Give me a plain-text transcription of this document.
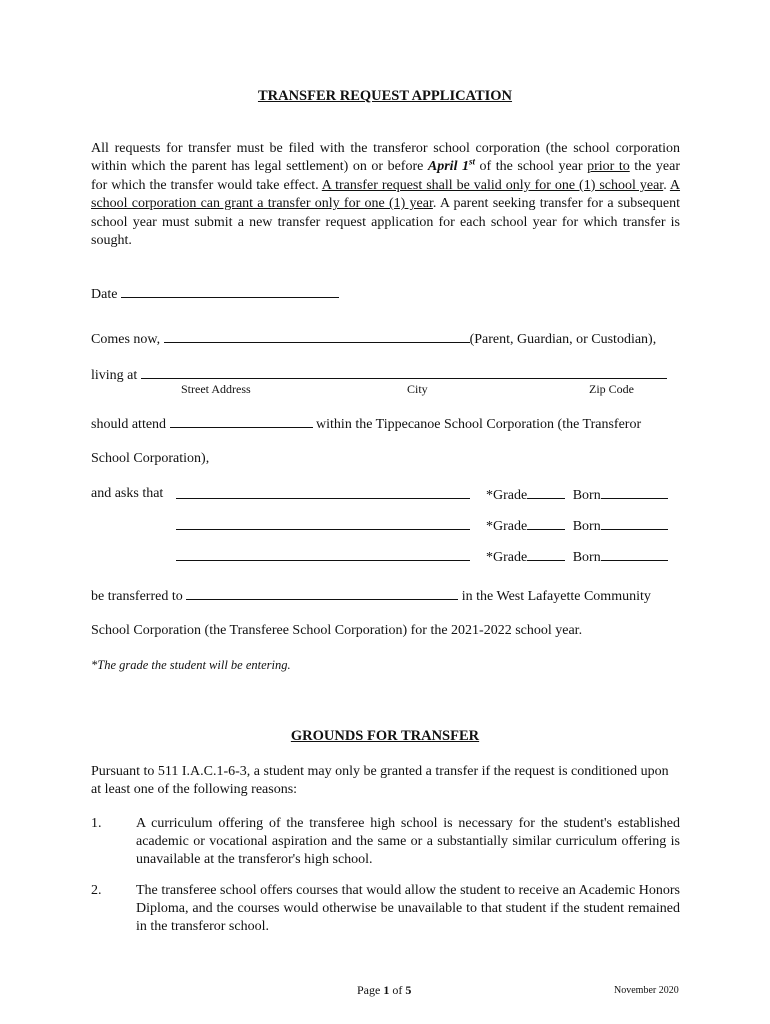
TRANSFER REQUEST APPLICATION
All requests for transfer must be filed with the transferor school corporation (the school corporation within which the parent has legal settlement) on or before April 1st of the school year prior to the year for which the transfer would take effect. A transfer request shall be valid only for one (1) school year. A school corporation can grant a transfer only for one (1) year. A parent seeking transfer for a subsequent school year must submit a new transfer request application for each school year for which transfer is sought.
Date
Comes now,	(Parent, Guardian, or Custodian),
living at
Street Address	City	Zip Code
should attend	within the Tippecanoe School Corporation (the Transferor
School Corporation),
and asks that	*Grade	Born
*Grade	Born
*Grade	Born
be transferred to	in the West Lafayette Community
School Corporation (the Transferee School Corporation) for the 2021-2022 school year.
*The grade the student will be entering.
GROUNDS FOR TRANSFER
Pursuant to 511 I.A.C.1-6-3, a student may only be granted a transfer if the request is conditioned upon at least one of the following reasons:
1. A curriculum offering of the transferee high school is necessary for the student's established academic or vocational aspiration and the same or a substantially similar curriculum offering is unavailable at the transferor's high school.
2. The transferee school offers courses that would allow the student to receive an Academic Honors Diploma, and the courses would otherwise be unavailable to that student if the student remained in the transferor school.
Page 1 of 5	November 2020
